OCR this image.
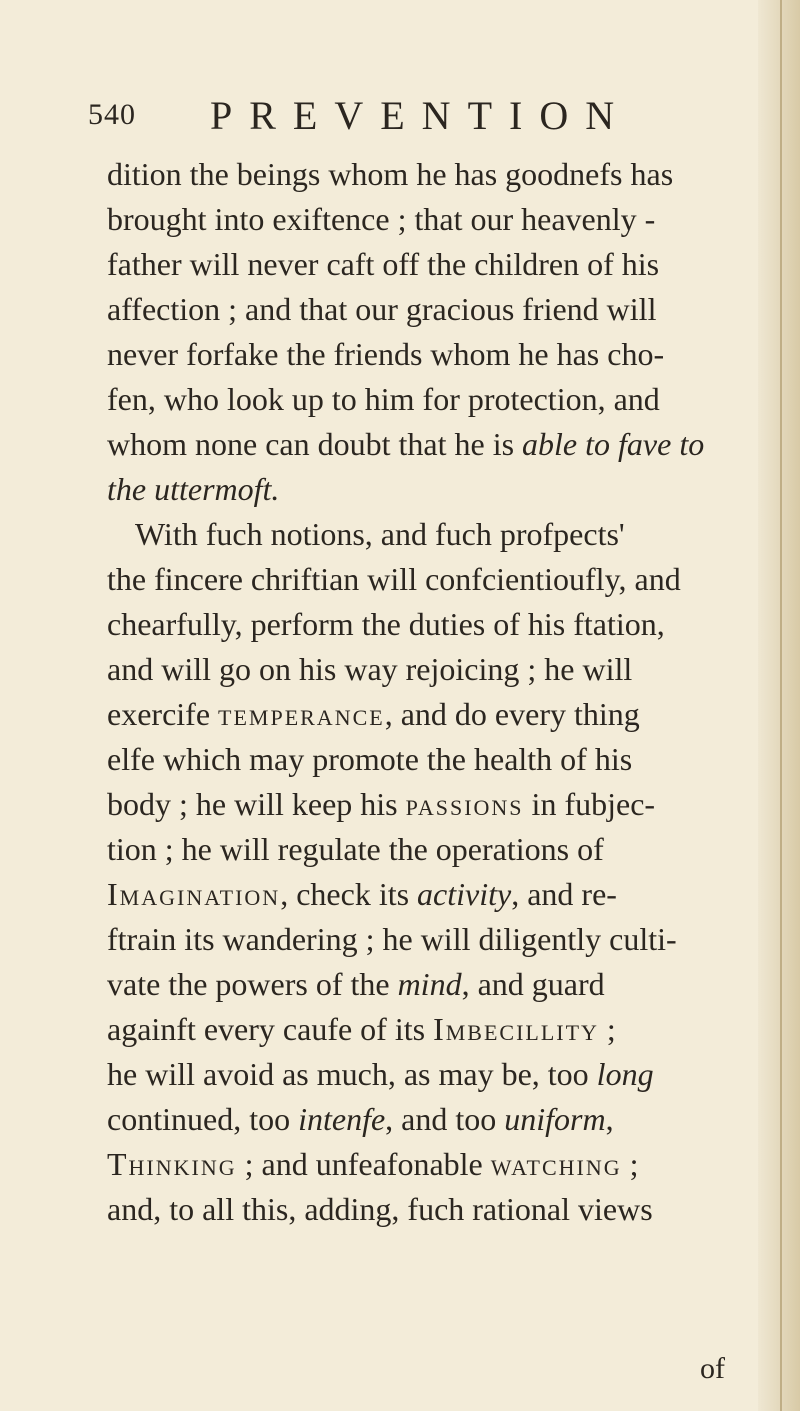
540 PREVENTION
dition the beings whom he has goodnefs has
brought into exiftence ; that our heavenly -
father will never caft off the children of his
affection ; and that our gracious friend will
never forfake the friends whom he has cho-
fen, who look up to him for protection, and
whom none can doubt that he is able to fave to
the uttermoft.
With fuch notions, and fuch profpects'
the fincere chriftian will confcientioufly, and
chearfully, perform the duties of his ftation,
and will go on his way rejoicing ; he will
exercife temperance, and do every thing
elfe which may promote the health of his
body ; he will keep his passions in fubjec-
tion ; he will regulate the operations of
Imagination, check its activity, and re-
ftrain its wandering ; he will diligently culti-
vate the powers of the mind, and guard
againft every caufe of its Imbecillity ;
he will avoid as much, as may be, too long
continued, too intenfe, and too uniform,
Thinking ; and unfeafonable watching ;
and, to all this, adding, fuch rational views
of
